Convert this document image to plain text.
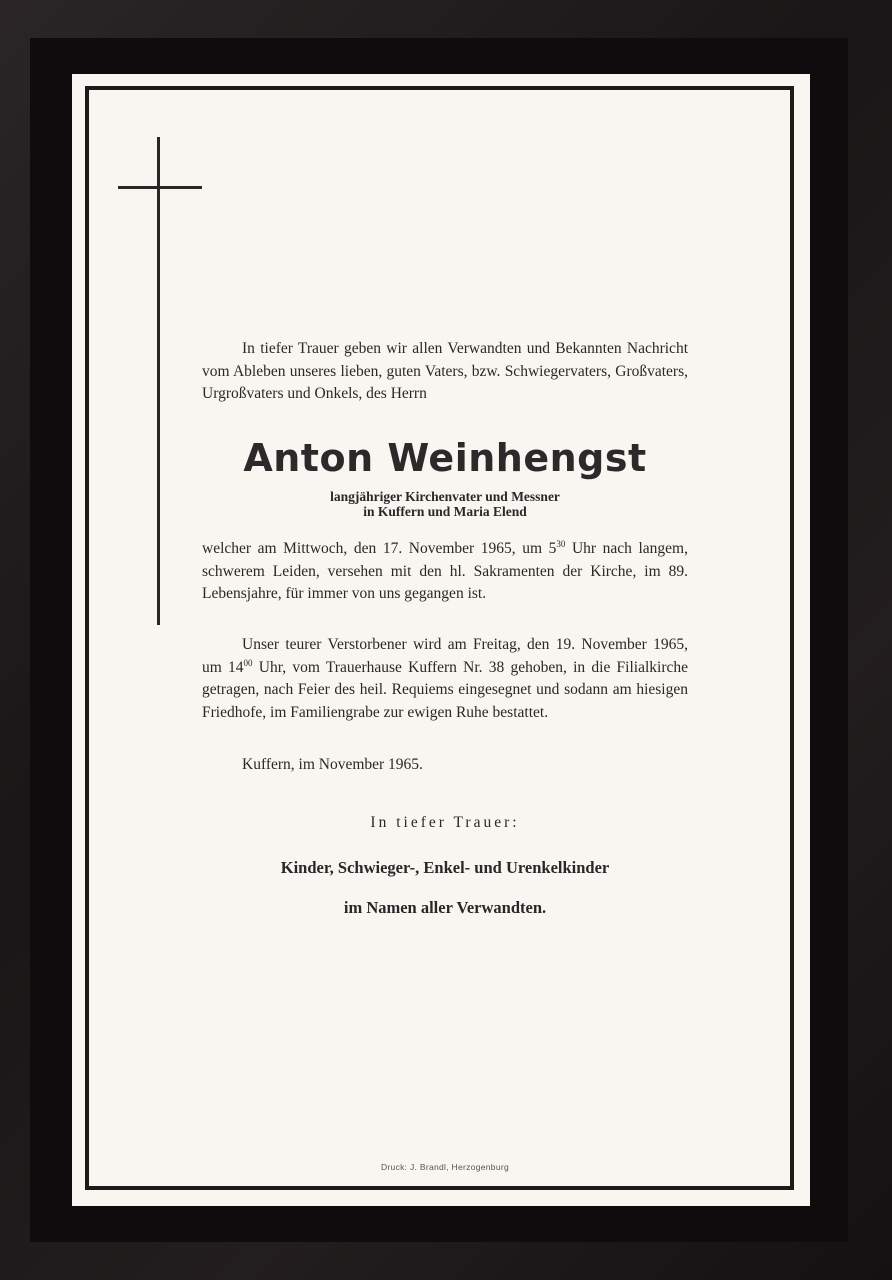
In tiefer Trauer geben wir allen Verwandten und Bekannten Nachricht vom Ableben unseres lieben, guten Vaters, bzw. Schwiegervaters, Großvaters, Urgroßvaters und Onkels, des Herrn
Anton Weinhengst
langjähriger Kirchenvater und Messner
in Kuffern und Maria Elend
welcher am Mittwoch, den 17. November 1965, um $5^{30}$ Uhr nach langem, schwerem Leiden, versehen mit den hl. Sakramenten der Kirche, im 89. Lebensjahre, für immer von uns gegangen ist.
Unser teurer Verstorbener wird am Freitag, den 19. November 1965, um $14^{00}$ Uhr, vom Trauerhause Kuffern Nr. 38 gehoben, in die Filialkirche getragen, nach Feier des heil. Requiems eingesegnet und sodann am hiesigen Friedhofe, im Familiengrabe zur ewigen Ruhe bestattet.
Kuffern, im November 1965.
In tiefer Trauer:
Kinder, Schwieger-, Enkel- und Urenkelkinder
im Namen aller Verwandten.
Druck: J. Brandl, Herzogenburg
